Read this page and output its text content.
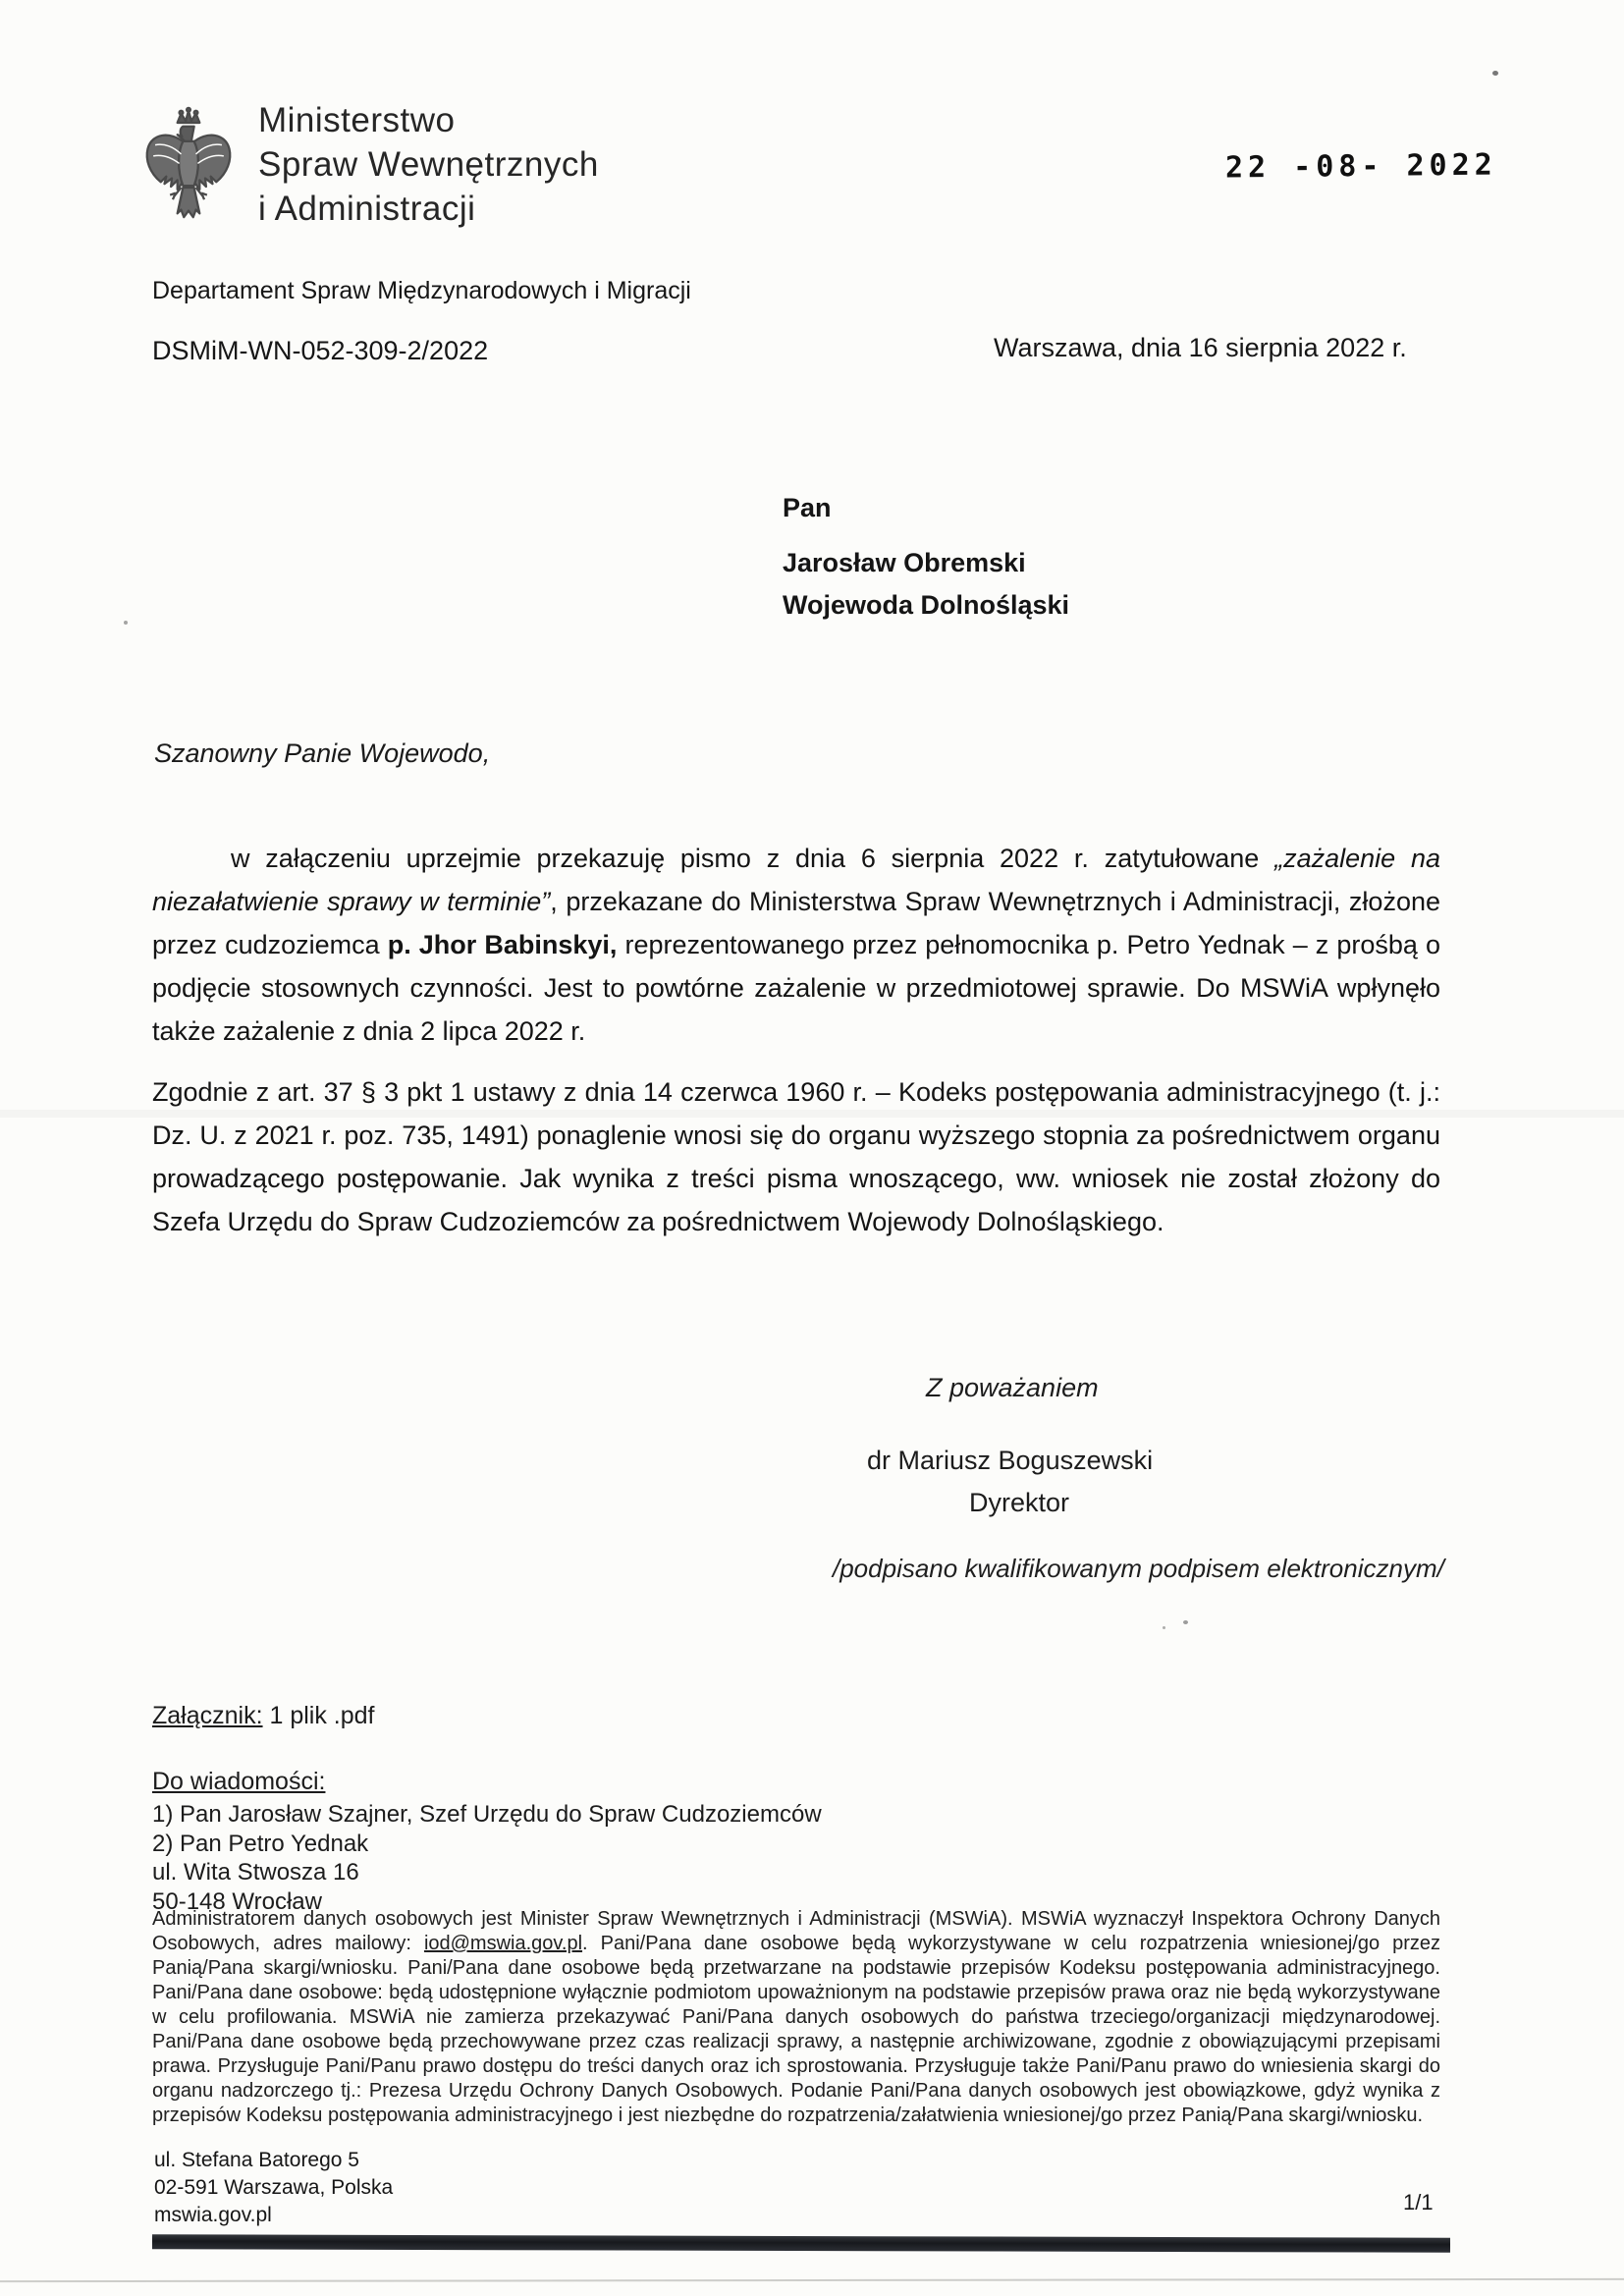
Ministerstwo
Spraw Wewnętrznych
i Administracji
22 -08- 2022
Departament Spraw Międzynarodowych i Migracji
DSMiM-WN-052-309-2/2022	Warszawa, dnia 16 sierpnia 2022 r.
Pan
Jarosław Obremski
Wojewoda Dolnośląski
Szanowny Panie Wojewodo,
w załączeniu uprzejmie przekazuję pismo z dnia 6 sierpnia 2022 r. zatytułowane „zażalenie na niezałatwienie sprawy w terminie”, przekazane do Ministerstwa Spraw Wewnętrznych i Administracji, złożone przez cudzoziemca p. Jhor Babinskyi, reprezentowanego przez pełnomocnika p. Petro Yednak – z prośbą o podjęcie stosownych czynności. Jest to powtórne zażalenie w przedmiotowej sprawie. Do MSWiA wpłynęło także zażalenie z dnia 2 lipca 2022 r.
Zgodnie z art. 37 § 3 pkt 1 ustawy z dnia 14 czerwca 1960 r. – Kodeks postępowania administracyjnego (t. j.: Dz. U. z 2021 r. poz. 735, 1491) ponaglenie wnosi się do organu wyższego stopnia za pośrednictwem organu prowadzącego postępowanie. Jak wynika z treści pisma wnoszącego, ww. wniosek nie został złożony do Szefa Urzędu do Spraw Cudzoziemców za pośrednictwem Wojewody Dolnośląskiego.
Z poważaniem
dr Mariusz Boguszewski
Dyrektor
/podpisano kwalifikowanym podpisem elektronicznym/
Załącznik: 1 plik .pdf
Do wiadomości:
1) Pan Jarosław Szajner, Szef Urzędu do Spraw Cudzoziemców
2) Pan Petro Yednak
ul. Wita Stwosza 16
50-148 Wrocław
Administratorem danych osobowych jest Minister Spraw Wewnętrznych i Administracji (MSWiA). MSWiA wyznaczył Inspektora Ochrony Danych Osobowych, adres mailowy: iod@mswia.gov.pl. Pani/Pana dane osobowe będą wykorzystywane w celu rozpatrzenia wniesionej/go przez Panią/Pana skargi/wniosku. Pani/Pana dane osobowe będą przetwarzane na podstawie przepisów Kodeksu postępowania administracyjnego. Pani/Pana dane osobowe: będą udostępnione wyłącznie podmiotom upoważnionym na podstawie przepisów prawa oraz nie będą wykorzystywane w celu profilowania. MSWiA nie zamierza przekazywać Pani/Pana danych osobowych do państwa trzeciego/organizacji międzynarodowej. Pani/Pana dane osobowe będą przechowywane przez czas realizacji sprawy, a następnie archiwizowane, zgodnie z obowiązującymi przepisami prawa. Przysługuje Pani/Panu prawo dostępu do treści danych oraz ich sprostowania. Przysługuje także Pani/Panu prawo do wniesienia skargi do organu nadzorczego tj.: Prezesa Urzędu Ochrony Danych Osobowych. Podanie Pani/Pana danych osobowych jest obowiązkowe, gdyż wynika z przepisów Kodeksu postępowania administracyjnego i jest niezbędne do rozpatrzenia/załatwienia wniesionej/go przez Panią/Pana skargi/wniosku.
ul. Stefana Batorego 5
02-591 Warszawa, Polska
mswia.gov.pl
1/1
